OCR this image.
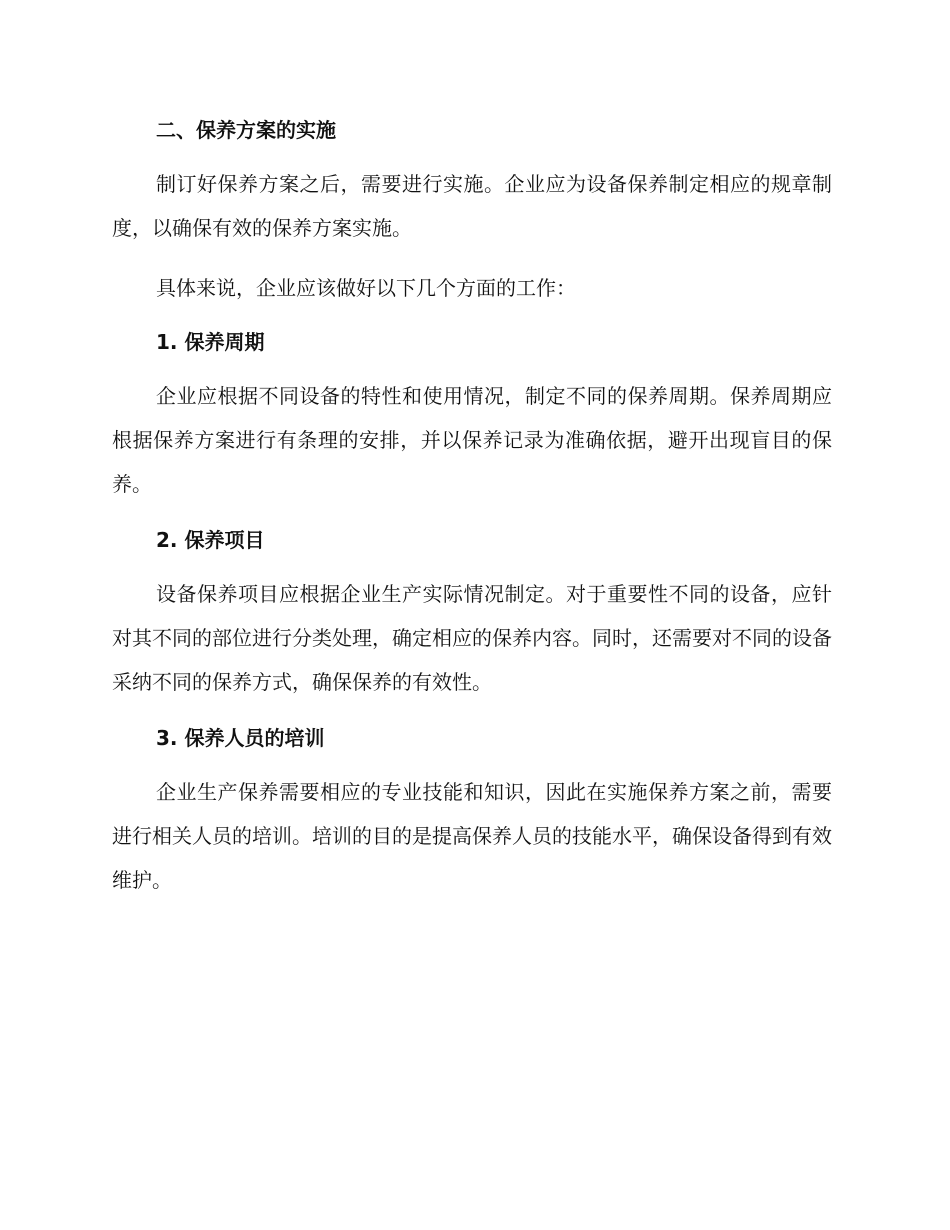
二、保养方案的实施

制订好保养方案之后，需要进行实施。企业应为设备保养制定相应的规章制度，以确保有效的保养方案实施。

具体来说，企业应该做好以下几个方面的工作：

1. 保养周期

企业应根据不同设备的特性和使用情况，制定不同的保养周期。保养周期应根据保养方案进行有条理的安排，并以保养记录为准确依据，避开出现盲目的保养。

2. 保养项目

设备保养项目应根据企业生产实际情况制定。对于重要性不同的设备，应针对其不同的部位进行分类处理，确定相应的保养内容。同时，还需要对不同的设备采纳不同的保养方式，确保保养的有效性。

3. 保养人员的培训

企业生产保养需要相应的专业技能和知识，因此在实施保养方案之前，需要进行相关人员的培训。培训的目的是提高保养人员的技能水平，确保设备得到有效维护。
